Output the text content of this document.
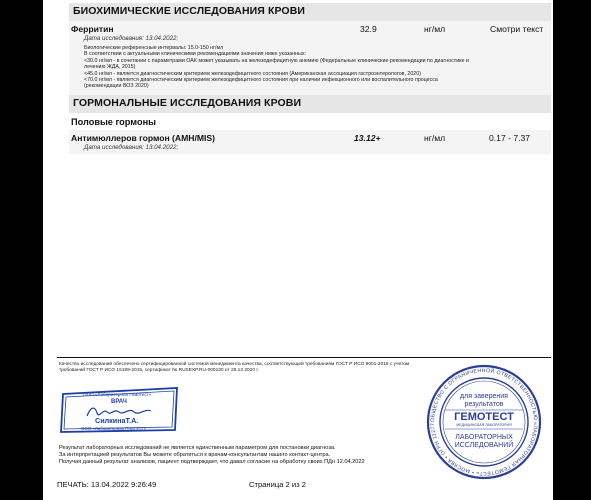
БИОХИМИЧЕСКИЕ ИССЛЕДОВАНИЯ КРОВИ
Ферритин	32.9	нг/мл	Смотри текст
Дата исследования: 13.04.2022;
Биологические референсные интервалы: 15.0-150 нг/мл
В соответствии с актуальными клиническими рекомендациями значения ниже указанных:
<30.0 нг/мл - в сочетании с параметрами ОАК может указывать на железодефицитную анемию (Федеральные клинические рекомендации по диагностике и
лечению ЖДА, 2015)
<45.0 нг/мл - является диагностическим критерием железодефицитного состояния (Американская ассоциация гастроэнтерологов, 2020)
<70.0 нг/мл - является диагностическим критерием железодефицитного состояния при наличии инфекционного или воспалительного процесса
(рекомендации ВОЗ 2020)
ГОРМОНАЛЬНЫЕ ИССЛЕДОВАНИЯ КРОВИ
Половые гормоны
Антимюллеров гормон (AMH/MIS)	13.12+	нг/мл	0.17 - 7.37
Дата исследования: 13.04.2022;
Качество исследований обеспечено сертифицированной системой менеджмента качества, соответствующей требованиям ГОСТ Р ИСО 9001-2015 с учетом
требований ГОСТ Р ИСО 15189-2015, сертификат № RUSEXP.RU-000130 от 29.12.2020 г.
ООО «Лабораторная Гемотест»
ВРАЧ
СилкинаТ.А.
ООО «Лабораторная Гемотест»
ОБЩЕСТВО С ОГРАНИЧЕННОЙ ОТВЕТСТВЕННОСТЬЮ «ЛАБОРАТОРНАЯ ГЕМОТЕСТ» • МОСКВА • ОГРН 11277
для заверения
результатов
ГЕМОТЕСТ
МЕДИЦИНСКАЯ ЛАБОРАТОРИЯ
ЛАБОРАТОРНЫХ
ИССЛЕДОВАНИЙ
Результат лабораторных исследований не является единственным параметром для постановки диагноза.
За интерпретацией результатов Вы можете обратиться к врачам-консультантам нашего контакт-центра.
Получая данный результат анализов, пациент подтверждает, что давал согласие на обработку своих ПДн 12.04.2022
ПЕЧАТЬ: 13.04.2022 9:26:49	Страница 2 из 2
